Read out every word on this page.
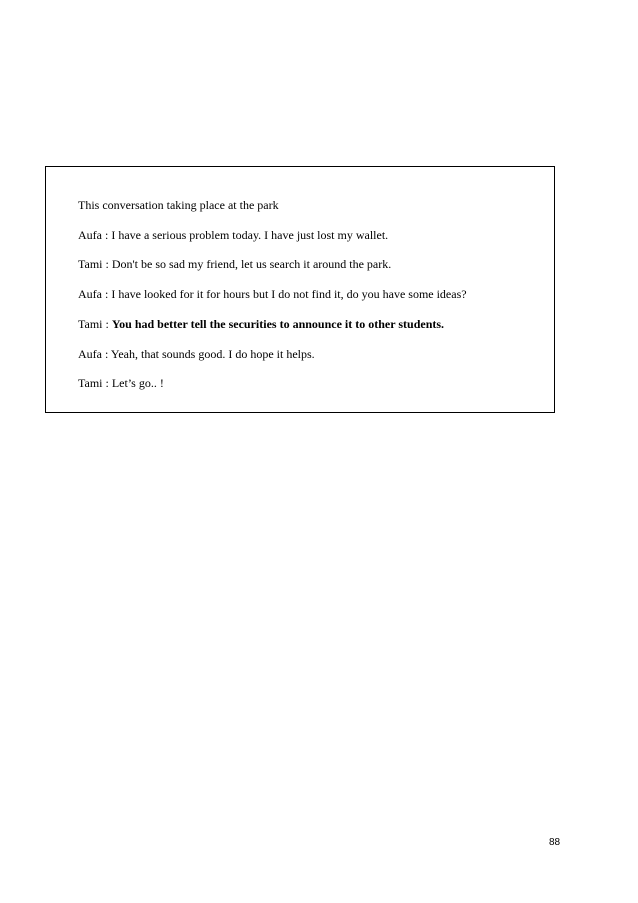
This conversation taking place at the park
Aufa : I have a serious problem today. I have just lost my wallet.
Tami : Don't be so sad my friend, let us search it around the park.
Aufa : I have looked for it for hours but I do not find it, do you have some ideas?
Tami : You had better tell the securities to announce it to other students.
Aufa : Yeah, that sounds good. I do hope it helps.
Tami : Let’s go.. !
88
